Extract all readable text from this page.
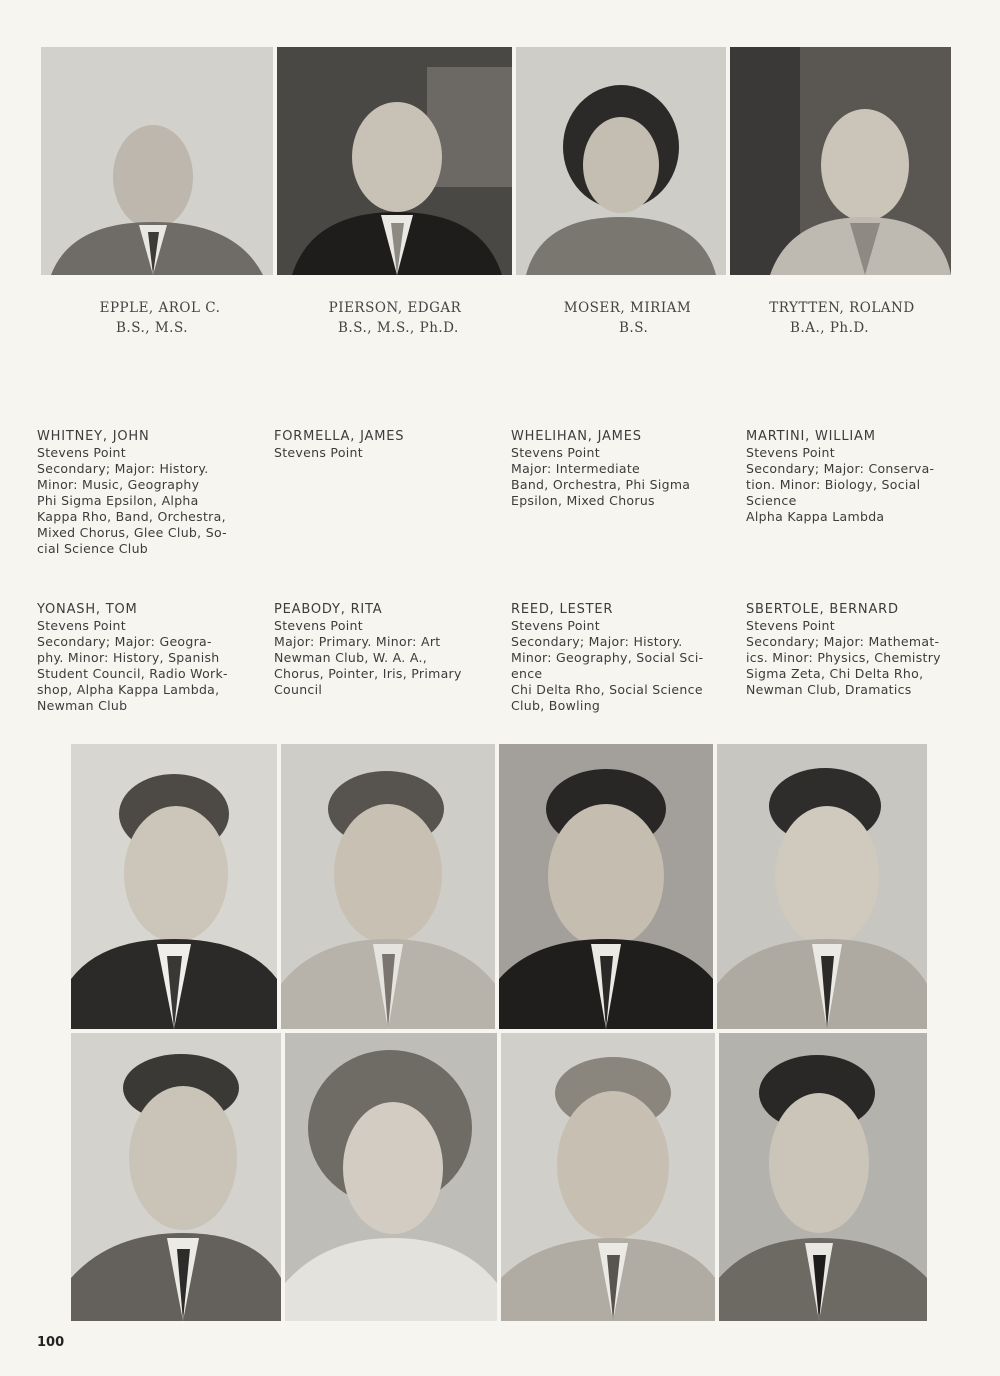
EPPLE, AROL C.
B.S., M.S.
PIERSON, EDGAR
B.S., M.S., Ph.D.
MOSER, MIRIAM
B.S.
TRYTTEN, ROLAND
B.A., Ph.D.
WHITNEY, JOHN
Stevens Point
Secondary; Major: History.
Minor: Music, Geography
Phi Sigma Epsilon, Alpha
Kappa Rho, Band, Orchestra,
Mixed Chorus, Glee Club, So-
cial Science Club
FORMELLA, JAMES
Stevens Point
WHELIHAN, JAMES
Stevens Point
Major: Intermediate
Band, Orchestra, Phi Sigma
Epsilon, Mixed Chorus
MARTINI, WILLIAM
Stevens Point
Secondary; Major: Conserva-
tion. Minor: Biology, Social
Science
Alpha Kappa Lambda
YONASH, TOM
Stevens Point
Secondary; Major: Geogra-
phy. Minor: History, Spanish
Student Council, Radio Work-
shop, Alpha Kappa Lambda,
Newman Club
PEABODY, RITA
Stevens Point
Major: Primary. Minor: Art
Newman Club, W. A. A.,
Chorus, Pointer, Iris, Primary
Council
REED, LESTER
Stevens Point
Secondary; Major: History.
Minor: Geography, Social Sci-
ence
Chi Delta Rho, Social Science
Club, Bowling
SBERTOLE, BERNARD
Stevens Point
Secondary; Major: Mathemat-
ics. Minor: Physics, Chemistry
Sigma Zeta, Chi Delta Rho,
Newman Club, Dramatics
100
